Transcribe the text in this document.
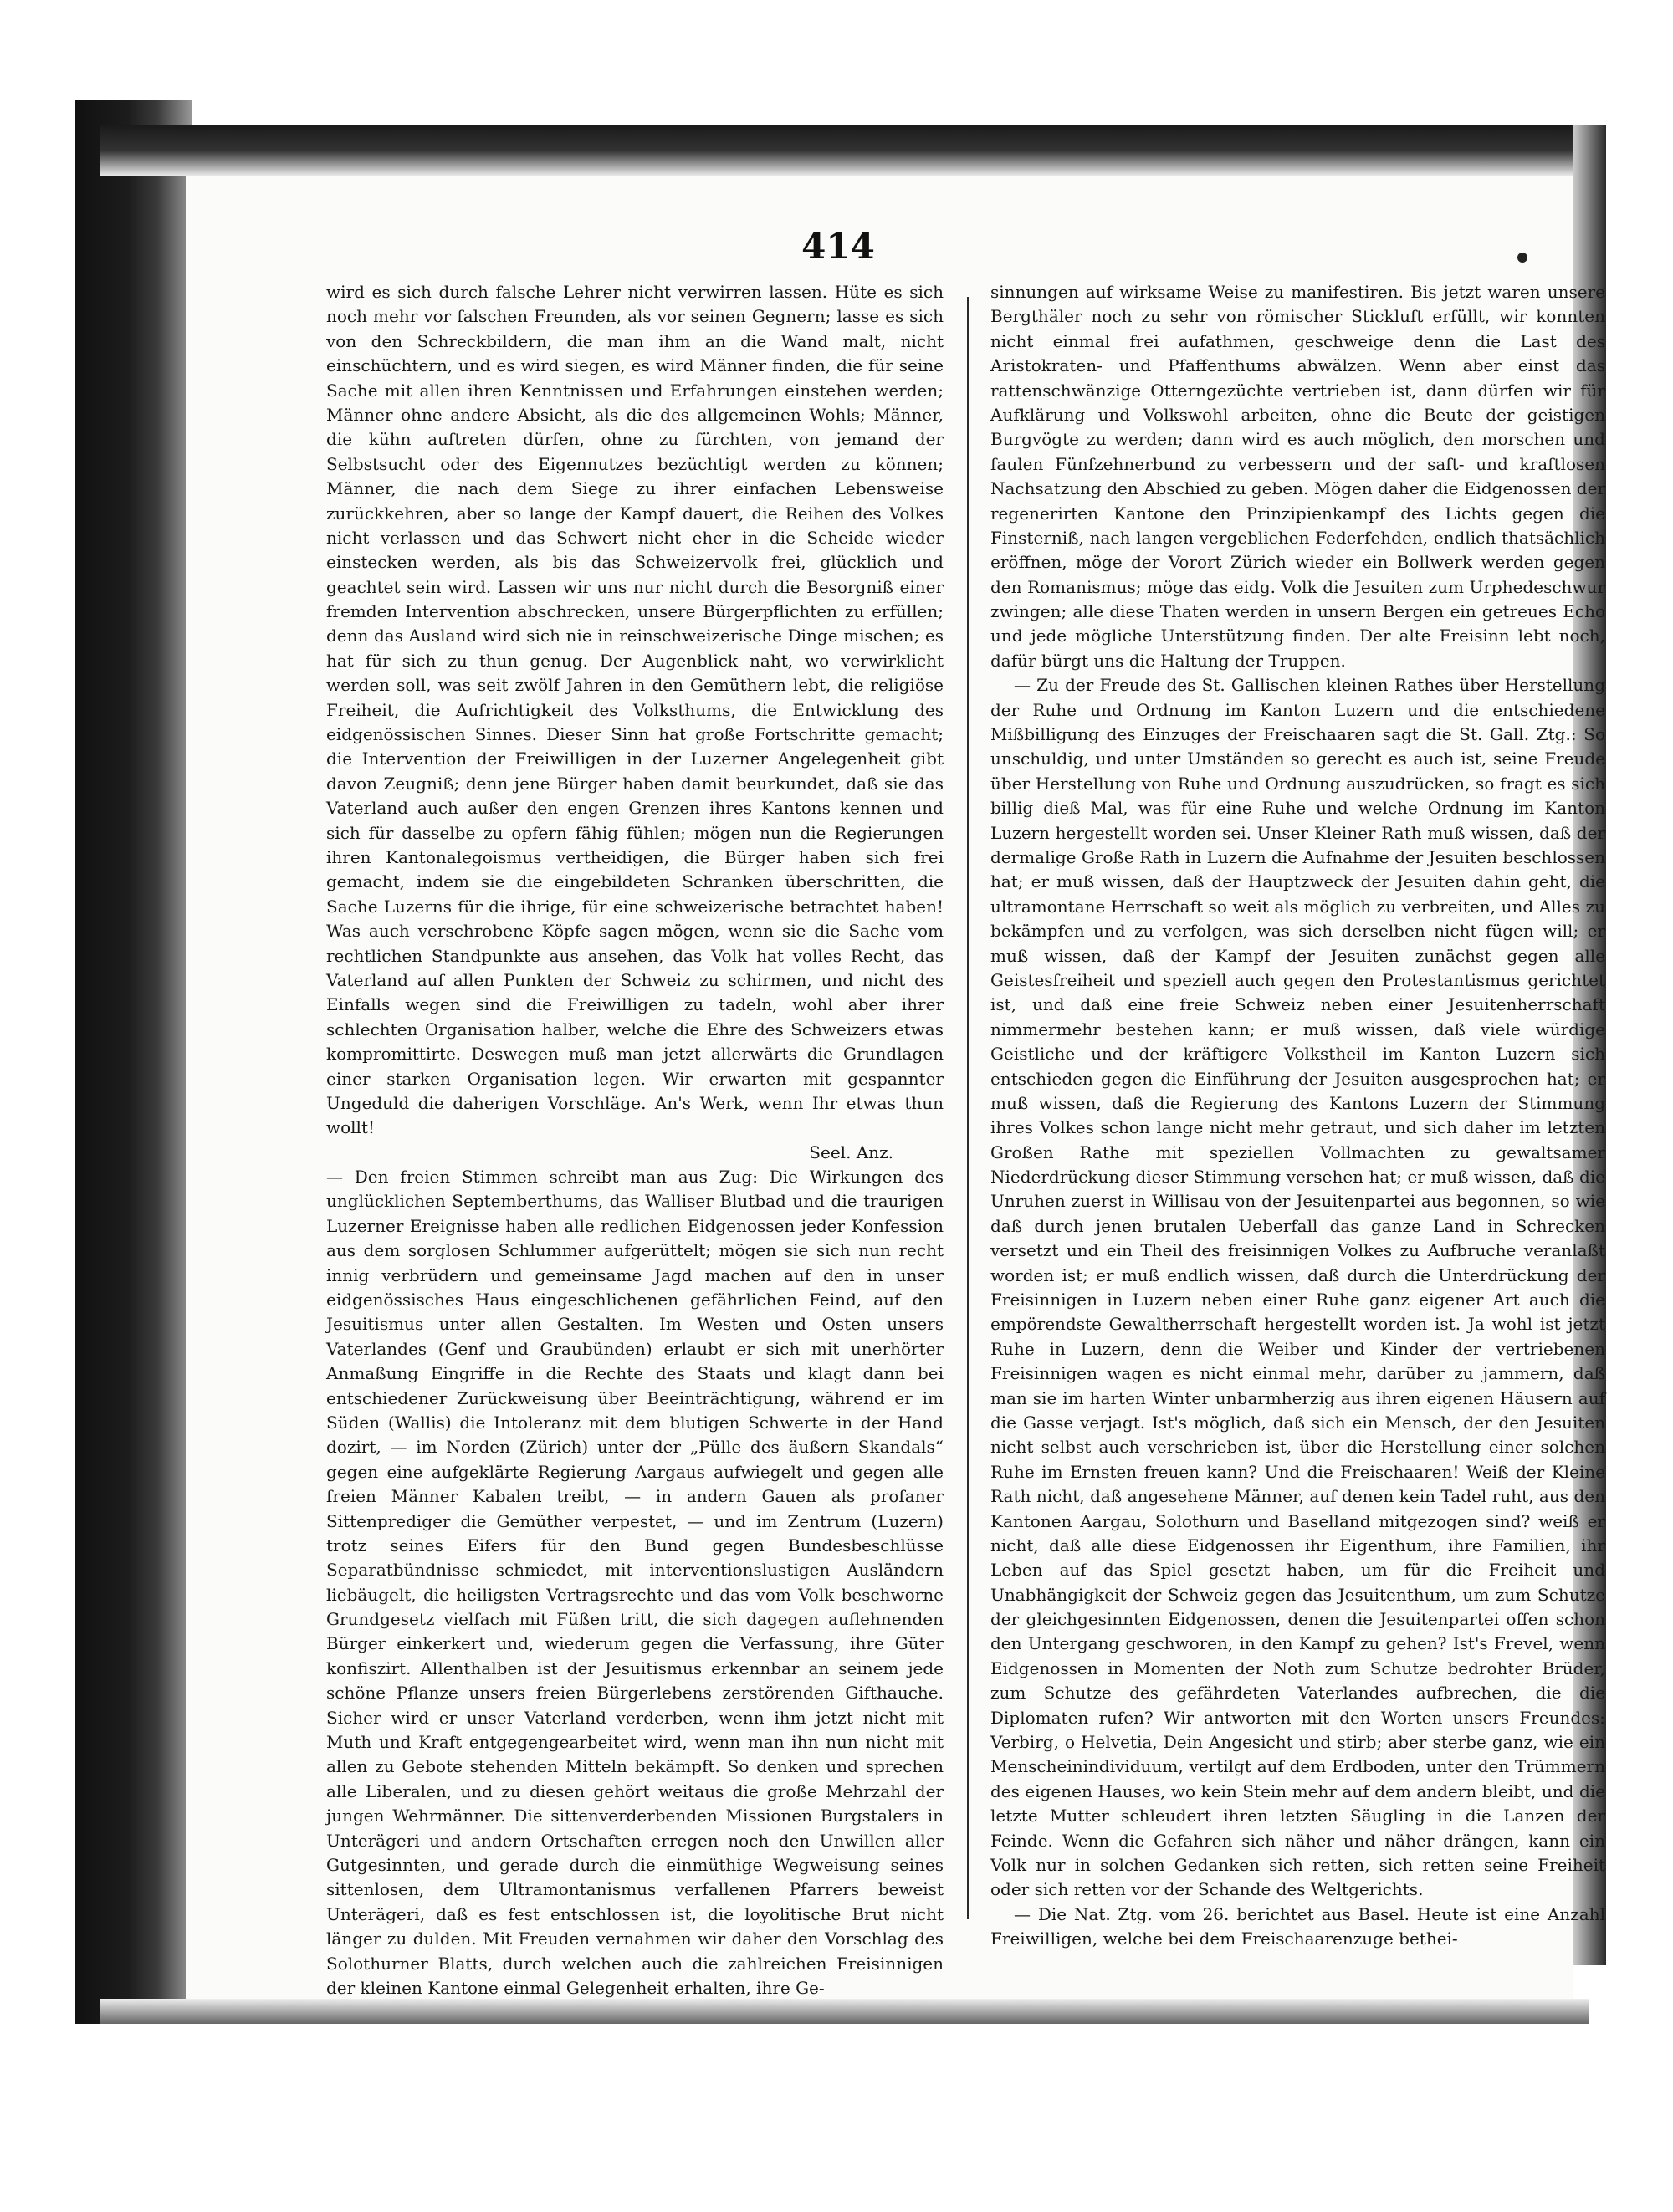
414

wird es sich durch falsche Lehrer nicht verwirren lassen. Hüte es sich noch mehr vor falschen Freunden, als vor seinen Gegnern; lasse es sich von den Schreckbildern, die man ihm an die Wand malt, nicht einschüchtern, und es wird siegen, es wird Männer finden, die für seine Sache mit allen ihren Kenntnissen und Erfahrungen einstehen werden; Männer ohne andere Absicht, als die des allgemeinen Wohls; Männer, die kühn auftreten dürfen, ohne zu fürchten, von jemand der Selbstsucht oder des Eigennutzes bezüchtigt werden zu können; Männer, die nach dem Siege zu ihrer einfachen Lebensweise zurückkehren, aber so lange der Kampf dauert, die Reihen des Volkes nicht verlassen und das Schwert nicht eher in die Scheide wieder einstecken werden, als bis das Schweizervolk frei, glücklich und geachtet sein wird. Lassen wir uns nur nicht durch die Besorgniß einer fremden Intervention abschrecken, unsere Bürgerpflichten zu erfüllen; denn das Ausland wird sich nie in reinschweizerische Dinge mischen; es hat für sich zu thun genug. Der Augenblick naht, wo verwirklicht werden soll, was seit zwölf Jahren in den Gemüthern lebt, die religiöse Freiheit, die Aufrichtigkeit des Volksthums, die Entwicklung des eidgenössischen Sinnes. Dieser Sinn hat große Fortschritte gemacht; die Intervention der Freiwilligen in der Luzerner Angelegenheit gibt davon Zeugniß; denn jene Bürger haben damit beurkundet, daß sie das Vaterland auch außer den engen Grenzen ihres Kantons kennen und sich für dasselbe zu opfern fähig fühlen; mögen nun die Regierungen ihren Kantonalegoismus vertheidigen, die Bürger haben sich frei gemacht, indem sie die eingebildeten Schranken überschritten, die Sache Luzerns für die ihrige, für eine schweizerische betrachtet haben! Was auch verschrobene Köpfe sagen mögen, wenn sie die Sache vom rechtlichen Standpunkte aus ansehen, das Volk hat volles Recht, das Vaterland auf allen Punkten der Schweiz zu schirmen, und nicht des Einfalls wegen sind die Freiwilligen zu tadeln, wohl aber ihrer schlechten Organisation halber, welche die Ehre des Schweizers etwas kompromittirte. Deswegen muß man jetzt allerwärts die Grundlagen einer starken Organisation legen. Wir erwarten mit gespannter Ungeduld die daherigen Vorschläge. An's Werk, wenn Ihr etwas thun wollt!

Seel. Anz.

— Den freien Stimmen schreibt man aus Zug: Die Wirkungen des unglücklichen Septemberthums, das Walliser Blutbad und die traurigen Luzerner Ereignisse haben alle redlichen Eidgenossen jeder Konfession aus dem sorglosen Schlummer aufgerüttelt; mögen sie sich nun recht innig verbrüdern und gemeinsame Jagd machen auf den in unser eidgenössisches Haus eingeschlichenen gefährlichen Feind, auf den Jesuitismus unter allen Gestalten. Im Westen und Osten unsers Vaterlandes (Genf und Graubünden) erlaubt er sich mit unerhörter Anmaßung Eingriffe in die Rechte des Staats und klagt dann bei entschiedener Zurückweisung über Beeinträchtigung, während er im Süden (Wallis) die Intoleranz mit dem blutigen Schwerte in der Hand dozirt, — im Norden (Zürich) unter der „Pülle des äußern Skandals“ gegen eine aufgeklärte Regierung Aargaus aufwiegelt und gegen alle freien Männer Kabalen treibt, — in andern Gauen als profaner Sittenprediger die Gemüther verpestet, — und im Zentrum (Luzern) trotz seines Eifers für den Bund gegen Bundesbeschlüsse Separatbündnisse schmiedet, mit interventionslustigen Ausländern liebäugelt, die heiligsten Vertragsrechte und das vom Volk beschworne Grundgesetz vielfach mit Füßen tritt, die sich dagegen auflehnenden Bürger einkerkert und, wiederum gegen die Verfassung, ihre Güter konfiszirt. Allenthalben ist der Jesuitismus erkennbar an seinem jede schöne Pflanze unsers freien Bürgerlebens zerstörenden Gifthauche. Sicher wird er unser Vaterland verderben, wenn ihm jetzt nicht mit Muth und Kraft entgegengearbeitet wird, wenn man ihn nun nicht mit allen zu Gebote stehenden Mitteln bekämpft. So denken und sprechen alle Liberalen, und zu diesen gehört weitaus die große Mehrzahl der jungen Wehrmänner. Die sittenverderbenden Missionen Burgstalers in Unterägeri und andern Ortschaften erregen noch den Unwillen aller Gutgesinnten, und gerade durch die einmüthige Wegweisung seines sittenlosen, dem Ultramontanismus verfallenen Pfarrers beweist Unterägeri, daß es fest entschlossen ist, die loyolitische Brut nicht länger zu dulden. Mit Freuden vernahmen wir daher den Vorschlag des Solothurner Blatts, durch welchen auch die zahlreichen Freisinnigen der kleinen Kantone einmal Gelegenheit erhalten, ihre Ge-

sinnungen auf wirksame Weise zu manifestiren. Bis jetzt waren unsere Bergthäler noch zu sehr von römischer Stickluft erfüllt, wir konnten nicht einmal frei aufathmen, geschweige denn die Last des Aristokraten- und Pfaffenthums abwälzen. Wenn aber einst das rattenschwänzige Otterngezüchte vertrieben ist, dann dürfen wir für Aufklärung und Volkswohl arbeiten, ohne die Beute der geistigen Burgvögte zu werden; dann wird es auch möglich, den morschen und faulen Fünfzehnerbund zu verbessern und der saft- und kraftlosen Nachsatzung den Abschied zu geben. Mögen daher die Eidgenossen der regenerirten Kantone den Prinzipienkampf des Lichts gegen die Finsterniß, nach langen vergeblichen Federfehden, endlich thatsächlich eröffnen, möge der Vorort Zürich wieder ein Bollwerk werden gegen den Romanismus; möge das eidg. Volk die Jesuiten zum Urphedeschwur zwingen; alle diese Thaten werden in unsern Bergen ein getreues Echo und jede mögliche Unterstützung finden. Der alte Freisinn lebt noch, dafür bürgt uns die Haltung der Truppen.

— Zu der Freude des St. Gallischen kleinen Rathes über Herstellung der Ruhe und Ordnung im Kanton Luzern und die entschiedene Mißbilligung des Einzuges der Freischaaren sagt die St. Gall. Ztg.: So unschuldig, und unter Umständen so gerecht es auch ist, seine Freude über Herstellung von Ruhe und Ordnung auszudrücken, so fragt es sich billig dieß Mal, was für eine Ruhe und welche Ordnung im Kanton Luzern hergestellt worden sei. Unser Kleiner Rath muß wissen, daß der dermalige Große Rath in Luzern die Aufnahme der Jesuiten beschlossen hat; er muß wissen, daß der Hauptzweck der Jesuiten dahin geht, die ultramontane Herrschaft so weit als möglich zu verbreiten, und Alles zu bekämpfen und zu verfolgen, was sich derselben nicht fügen will; er muß wissen, daß der Kampf der Jesuiten zunächst gegen alle Geistesfreiheit und speziell auch gegen den Protestantismus gerichtet ist, und daß eine freie Schweiz neben einer Jesuitenherrschaft nimmermehr bestehen kann; er muß wissen, daß viele würdige Geistliche und der kräftigere Volkstheil im Kanton Luzern sich entschieden gegen die Einführung der Jesuiten ausgesprochen hat; er muß wissen, daß die Regierung des Kantons Luzern der Stimmung ihres Volkes schon lange nicht mehr getraut, und sich daher im letzten Großen Rathe mit speziellen Vollmachten zu gewaltsamer Niederdrückung dieser Stimmung versehen hat; er muß wissen, daß die Unruhen zuerst in Willisau von der Jesuitenpartei aus begonnen, so wie daß durch jenen brutalen Ueberfall das ganze Land in Schrecken versetzt und ein Theil des freisinnigen Volkes zu Aufbruche veranlaßt worden ist; er muß endlich wissen, daß durch die Unterdrückung der Freisinnigen in Luzern neben einer Ruhe ganz eigener Art auch die empörendste Gewaltherrschaft hergestellt worden ist. Ja wohl ist jetzt Ruhe in Luzern, denn die Weiber und Kinder der vertriebenen Freisinnigen wagen es nicht einmal mehr, darüber zu jammern, daß man sie im harten Winter unbarmherzig aus ihren eigenen Häusern auf die Gasse verjagt. Ist's möglich, daß sich ein Mensch, der den Jesuiten nicht selbst auch verschrieben ist, über die Herstellung einer solchen Ruhe im Ernsten freuen kann? Und die Freischaaren! Weiß der Kleine Rath nicht, daß angesehene Männer, auf denen kein Tadel ruht, aus den Kantonen Aargau, Solothurn und Baselland mitgezogen sind? weiß er nicht, daß alle diese Eidgenossen ihr Eigenthum, ihre Familien, ihr Leben auf das Spiel gesetzt haben, um für die Freiheit und Unabhängigkeit der Schweiz gegen das Jesuitenthum, um zum Schutze der gleichgesinnten Eidgenossen, denen die Jesuitenpartei offen schon den Untergang geschworen, in den Kampf zu gehen? Ist's Frevel, wenn Eidgenossen in Momenten der Noth zum Schutze bedrohter Brüder, zum Schutze des gefährdeten Vaterlandes aufbrechen, die die Diplomaten rufen? Wir antworten mit den Worten unsers Freundes: Verbirg, o Helvetia, Dein Angesicht und stirb; aber sterbe ganz, wie ein Menscheinindividuum, vertilgt auf dem Erdboden, unter den Trümmern des eigenen Hauses, wo kein Stein mehr auf dem andern bleibt, und die letzte Mutter schleudert ihren letzten Säugling in die Lanzen der Feinde. Wenn die Gefahren sich näher und näher drängen, kann ein Volk nur in solchen Gedanken sich retten, sich retten seine Freiheit oder sich retten vor der Schande des Weltgerichts.

— Die Nat. Ztg. vom 26. berichtet aus Basel. Heute ist eine Anzahl Freiwilligen, welche bei dem Freischaarenzuge bethei-
